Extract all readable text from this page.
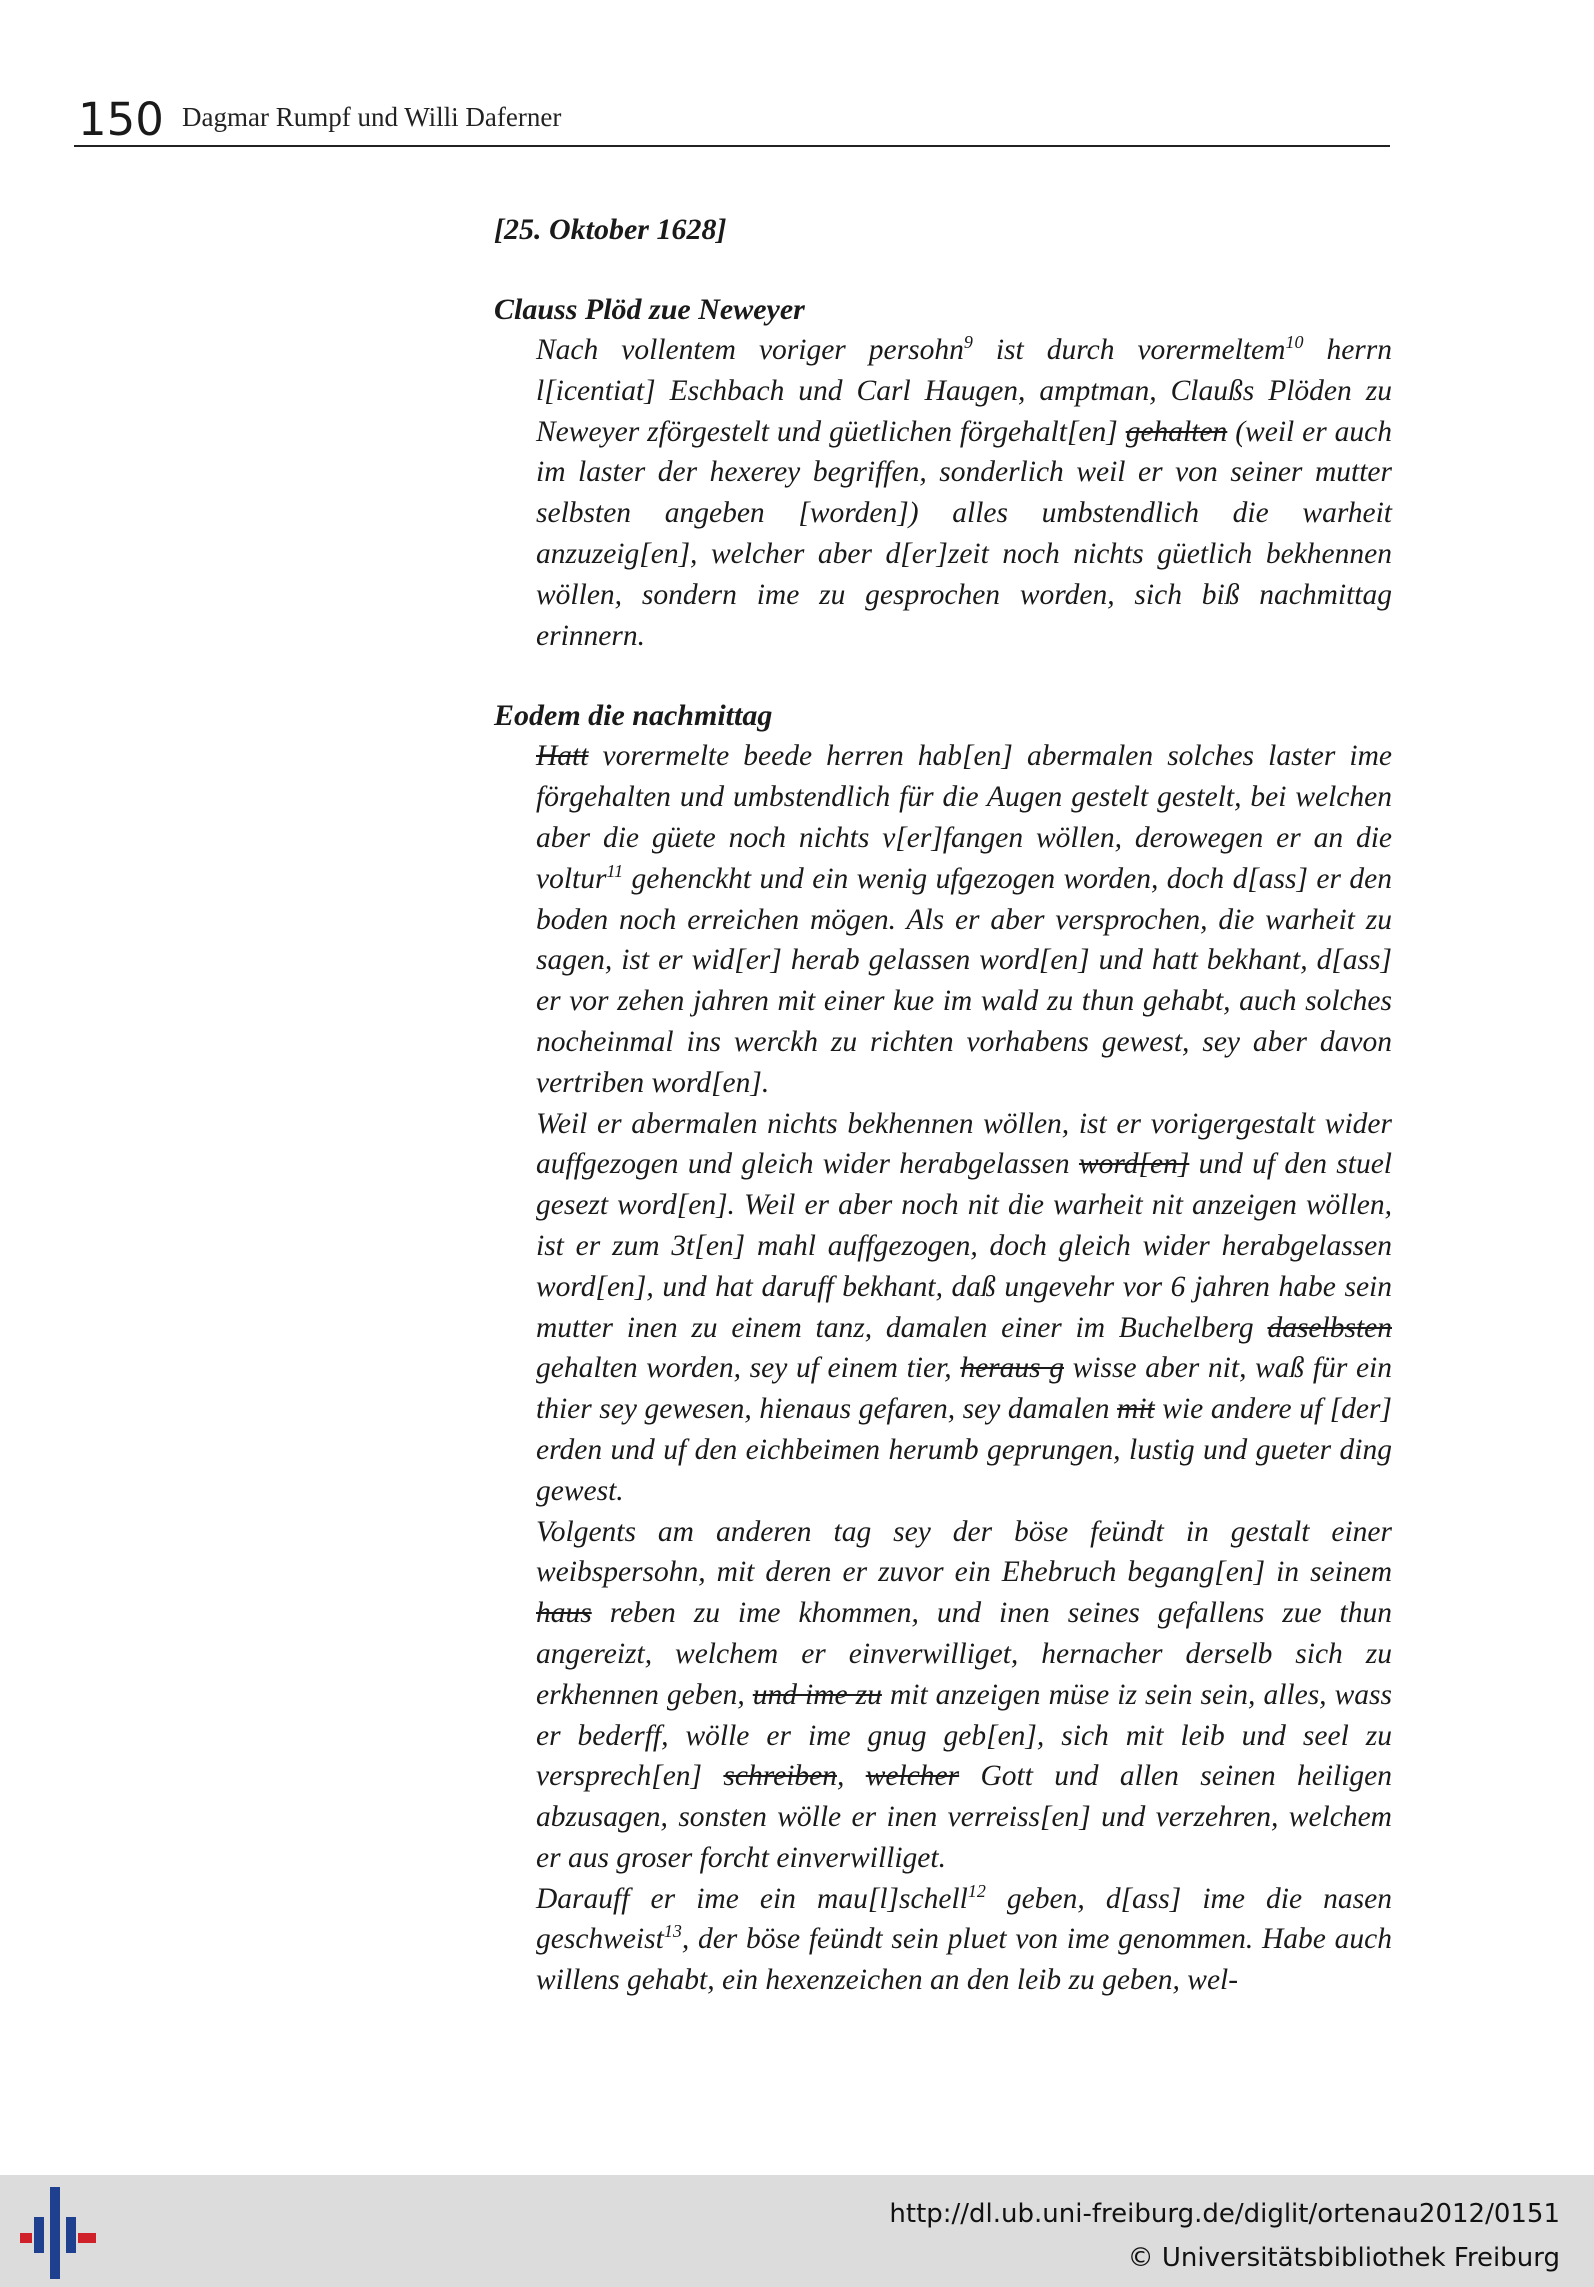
150 Dagmar Rumpf und Willi Daferner

[25. Oktober 1628]

Clauss Plöd zue Neweyer

Nach vollentem voriger persohn$^9$ ist durch vorermeltem$^{10}$ herrn l[icentiat] Eschbach und Carl Haugen, amptman, Claußs Plöden zu Neweyer zförgestelt und güetlichen förgehalt[en] gehalten (weil er auch im laster der hexerey begriffen, sonderlich weil er von seiner mutter selbsten angeben [worden]) alles umbstendlich die warheit anzuzeig[en], welcher aber d[er]zeit noch nichts güetlich bekhennen wöllen, sondern ime zu gesprochen worden, sich biß nachmittag erinnern.

Eodem die nachmittag

Hatt vorermelte beede herren hab[en] abermalen solches laster ime förgehalten und umbstendlich für die Augen gestelt gestelt, bei welchen aber die güete noch nichts v[er]fangen wöllen, derowegen er an die voltur$^{11}$ gehenckht und ein wenig ufgezogen worden, doch d[ass] er den boden noch erreichen mögen. Als er aber versprochen, die warheit zu sagen, ist er wid[er] herab gelassen word[en] und hatt bekhant, d[ass] er vor zehen jahren mit einer kue im wald zu thun gehabt, auch solches nocheinmal ins werckh zu richten vorhabens gewest, sey aber davon vertriben word[en].

Weil er abermalen nichts bekhennen wöllen, ist er vorigergestalt wider auffgezogen und gleich wider herabgelassen word[en] und uf den stuel gesezt word[en]. Weil er aber noch nit die warheit nit anzeigen wöllen, ist er zum 3t[en] mahl auffgezogen, doch gleich wider herabgelassen word[en], und hat daruff bekhant, daß ungevehr vor 6 jahren habe sein mutter inen zu einem tanz, damalen einer im Buchelberg daselbsten gehalten worden, sey uf einem tier, heraus g wisse aber nit, waß für ein thier sey gewesen, hienaus gefaren, sey damalen mit wie andere uf [der] erden und uf den eichbeimen herumb geprungen, lustig und gueter ding gewest.

Volgents am anderen tag sey der böse feündt in gestalt einer weibspersohn, mit deren er zuvor ein Ehebruch begang[en] in seinem haus reben zu ime khommen, und inen seines gefallens zue thun angereizt, welchem er einverwilliget, hernacher derselb sich zu erkhennen geben, und ime zu mit anzeigen müse iz sein sein, alles, wass er bederff, wölle er ime gnug geb[en], sich mit leib und seel zu versprech[en] schreiben, welcher Gott und allen seinen heiligen abzusagen, sonsten wölle er inen verreiss[en] und verzehren, welchem er aus groser forcht einverwilliget.

Darauff er ime ein mau[l]schell$^{12}$ geben, d[ass] ime die nasen geschweist$^{13}$, der böse feündt sein pluet von ime genommen. Habe auch willens gehabt, ein hexenzeichen an den leib zu geben, wel-

http://dl.ub.uni-freiburg.de/diglit/ortenau2012/0151
© Universitätsbibliothek Freiburg
